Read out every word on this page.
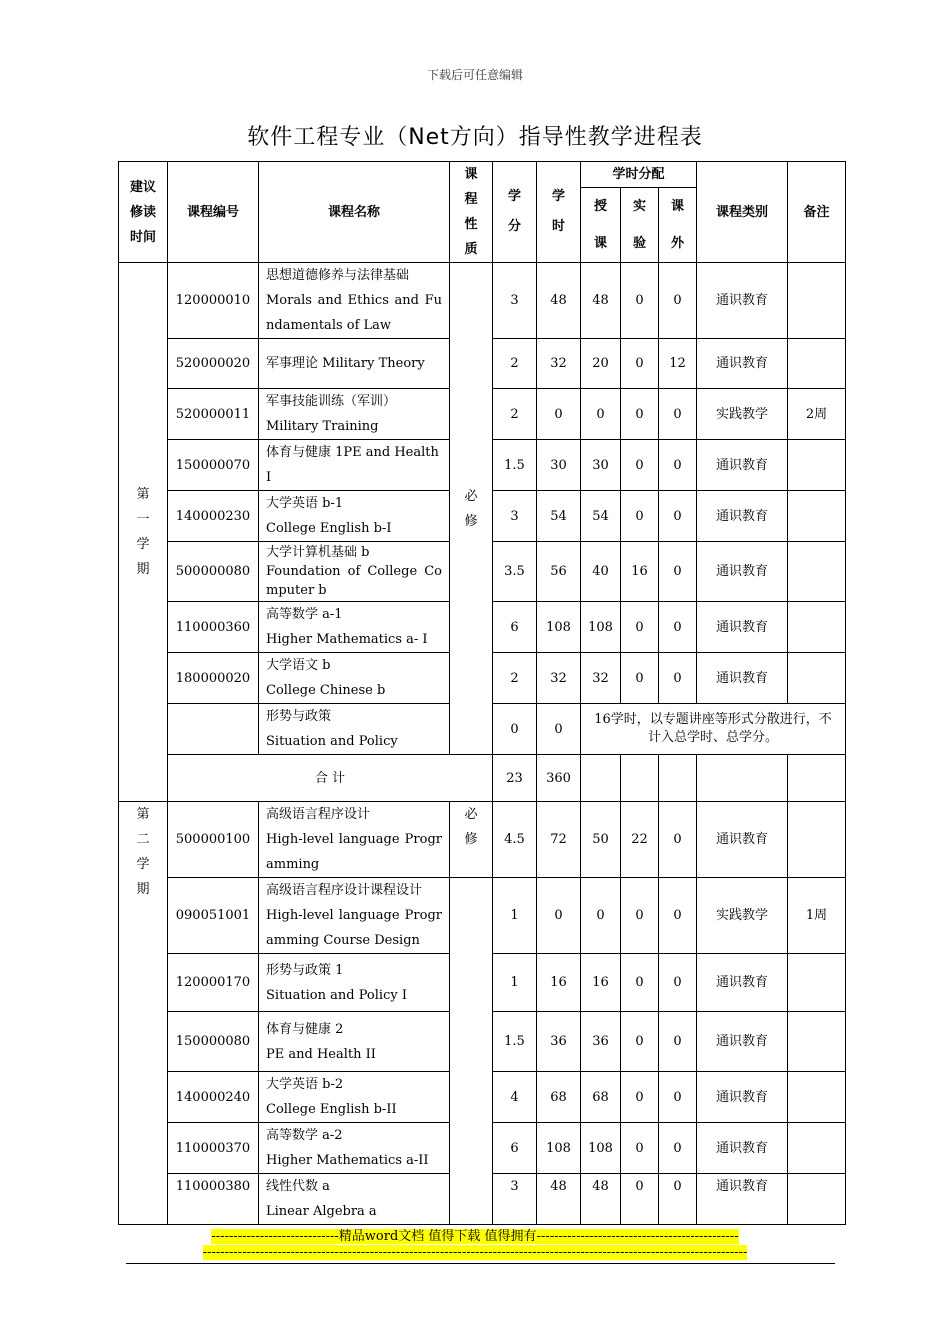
下载后可任意编辑
软件工程专业（Net方向）指导性教学进程表
建议修读时间	课程编号	课程名称	课程性质	学分	学时	学时分配			课程类别	备注
						授课	实验	课外		
第一学期	120000010	思想道德修养与法律基础
Morals and Ethics and Fundamentals of Law	必修	3	48	48	0	0	通识教育	
	520000020	军事理论 Military Theory		2	32	20	0	12	通识教育	
	520000011	军事技能训练（军训）
Military Training		2	0	0	0	0	实践教学	2周
	150000070	体育与健康 1PE and Health I		1.5	30	30	0	0	通识教育	
	140000230	大学英语 b-1
College English b-I		3	54	54	0	0	通识教育	
	500000080	大学计算机基础 b
Foundation of College Computer b		3.5	56	40	16	0	通识教育	
	110000360	高等数学 a-1
Higher Mathematics a- I		6	108	108	0	0	通识教育	
	180000020	大学语文 b
College Chinese b		2	32	32	0	0	通识教育	

		形势与政策
Situation and Policy		0	0	16学时，以专题讲座等形式分散进行，不计入总学时、总学分。				
	合 计			23	360					
第二学期	500000100	高级语言程序设计
High-level language Programming	必修	4.5	72	50	22	0	通识教育	
	090051001	高级语言程序设计课程设计
High-level language Programming Course Design		1	0	0	0	0	实践教学	1周
	120000170	形势与政策 1
Situation and Policy I		1	16	16	0	0	通识教育	
	150000080	体育与健康 2
PE and Health II		1.5	36	36	0	0	通识教育	
	140000240	大学英语 b-2
College English b-II		4	68	68	0	0	通识教育	
	110000370	高等数学 a-2
Higher Mathematics a-II		6	108	108	0	0	通识教育	
	110000380	线性代数 a
Linear Algebra a		3	48	48	0	0	通识教育	
-----------------------------精品word文档 值得下载 值得拥有----------------------------------------------
----------------------------------------------------------------------------------------------------------------------------
